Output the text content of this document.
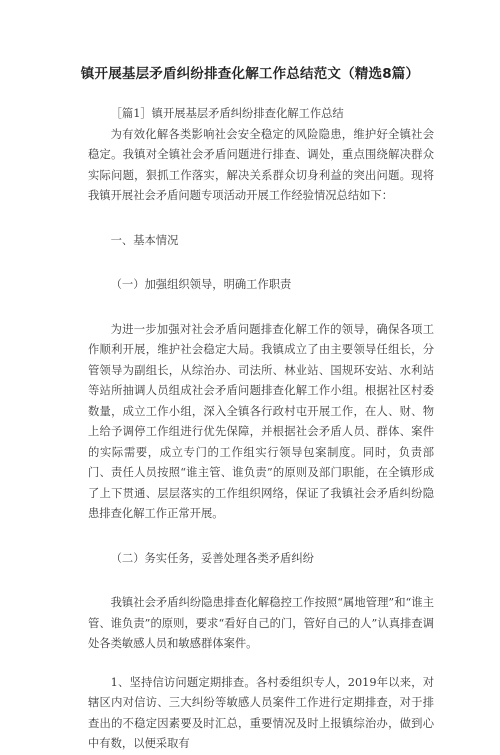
镇开展基层矛盾纠纷排查化解工作总结范文（精选8篇）

［篇1］镇开展基层矛盾纠纷排查化解工作总结

为有效化解各类影响社会安全稳定的风险隐患，维护好全镇社会稳定。我镇对全镇社会矛盾问题进行排查、调处，重点围绕解决群众实际问题，狠抓工作落实，解决关系群众切身利益的突出问题。现将我镇开展社会矛盾问题专项活动开展工作经验情况总结如下：

一、基本情况

（一）加强组织领导，明确工作职责

为进一步加强对社会矛盾问题排查化解工作的领导，确保各项工作顺利开展，维护社会稳定大局。我镇成立了由主要领导任组长，分管领导为副组长，从综治办、司法所、林业站、国规环安站、水利站等站所抽调人员组成社会矛盾问题排查化解工作小组。根据社区村委数量，成立工作小组，深入全镇各行政村屯开展工作，在人、财、物上给予调停工作组进行优先保障，并根据社会矛盾人员、群体、案件的实际需要，成立专门的工作组实行领导包案制度。同时，负责部门、责任人员按照“谁主管、谁负责”的原则及部门职能，在全镇形成了上下贯通、层层落实的工作组织网络，保证了我镇社会矛盾纠纷隐患排查化解工作正常开展。

（二）务实任务，妥善处理各类矛盾纠纷

我镇社会矛盾纠纷隐患排查化解稳控工作按照“属地管理”和“谁主管、谁负责”的原则，要求“看好自己的门，管好自己的人”认真排查调处各类敏感人员和敏感群体案件。

1、坚持信访问题定期排查。各村委组织专人，2019年以来，对辖区内对信访、三大纠纷等敏感人员案件工作进行定期排查，对于排查出的不稳定因素要及时汇总，重要情况及时上报镇综治办，做到心中有数，以便采取有
